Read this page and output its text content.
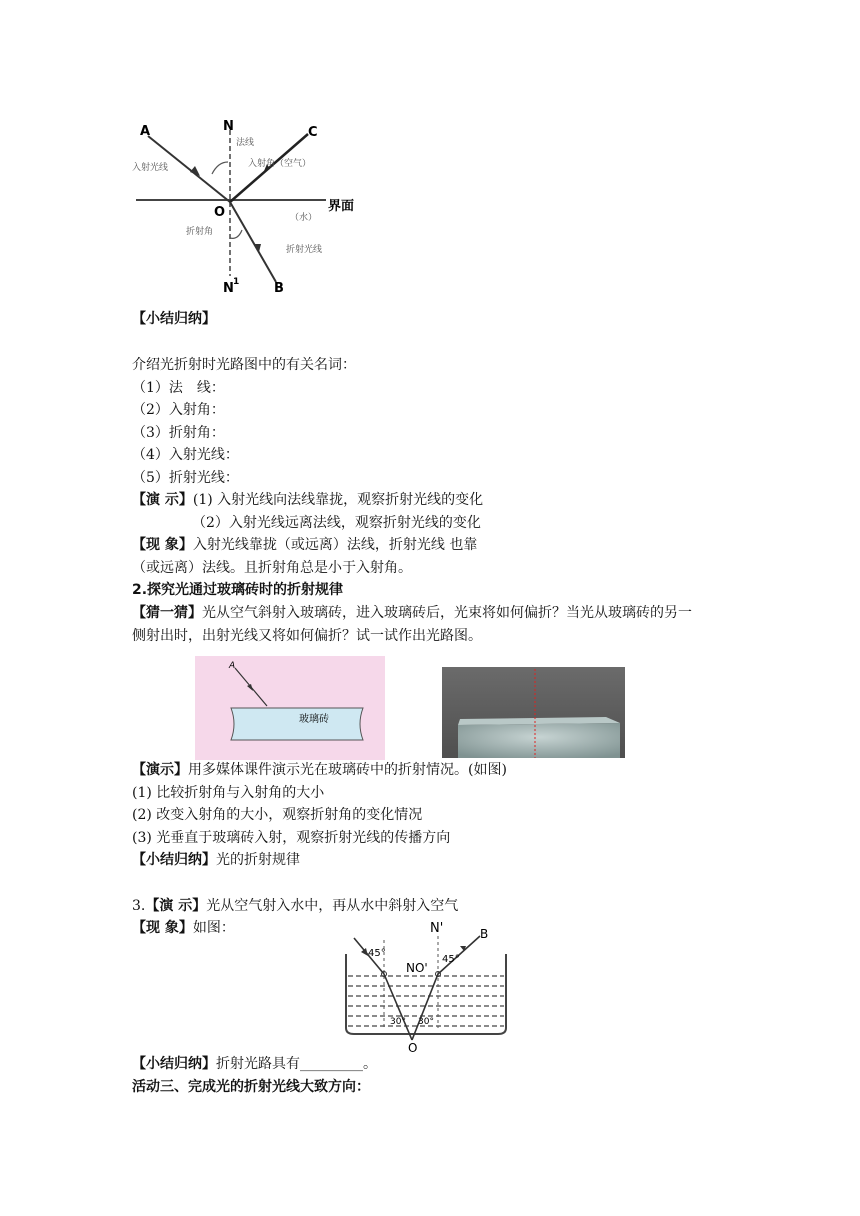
A	N	C
O
B
N 1
法线
入射角（空气）
入射光线
界面
（水）
折射角
折射光线
【小结归纳】
介绍光折射时光路图中的有关名词：
（1）法　线：
（2）入射角：
（3）折射角：
（4）入射光线：
（5）折射光线：
【演 示】(1) 入射光线向法线靠拢，观察折射光线的变化
（2）入射光线远离法线，观察折射光线的变化
【现 象】入射光线靠拢（或远离）法线，折射光线 也靠
（或远离）法线。且折射角总是小于入射角。
2.探究光通过玻璃砖时的折射规律
【猜一猜】光从空气斜射入玻璃砖，进入玻璃砖后，光束将如何偏折？当光从玻璃砖的另一
侧射出时，出射光线又将如何偏折？试一试作出光路图。
A
玻璃砖
【演示】用多媒体课件演示光在玻璃砖中的折射情况。(如图)
(1) 比较折射角与入射角的大小
(2) 改变入射角的大小，观察折射角的变化情况
(3) 光垂直于玻璃砖入射，观察折射光线的传播方向
【小结归纳】光的折射规律
3.【演 示】光从空气射入水中，再从水中斜射入空气
【现 象】如图：	N'	B
45°
45°
NO'
30° 30°
O
【小结归纳】折射光路具有_________。
活动三、完成光的折射光线大致方向：
